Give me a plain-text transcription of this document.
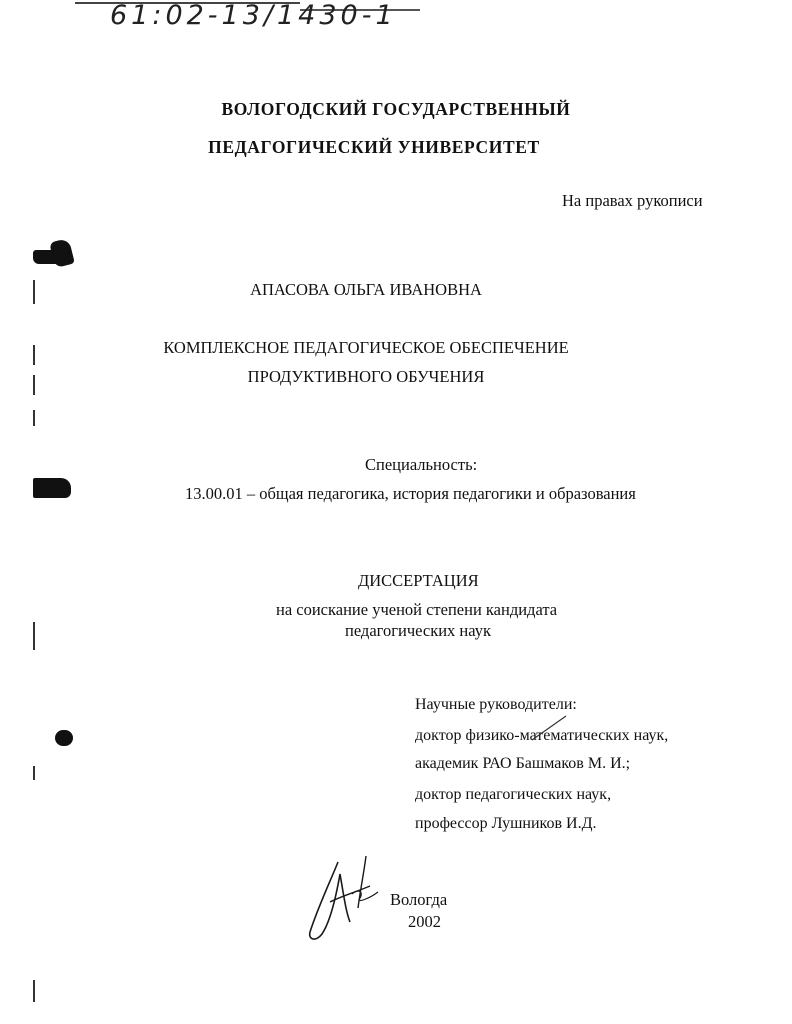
61:02-13/1430-1
ВОЛОГОДСКИЙ ГОСУДАРСТВЕННЫЙ
ПЕДАГОГИЧЕСКИЙ УНИВЕРСИТЕТ
На правах рукописи
АПАСОВА ОЛЬГА ИВАНОВНА
КОМПЛЕКСНОЕ ПЕДАГОГИЧЕСКОЕ ОБЕСПЕЧЕНИЕ
ПРОДУКТИВНОГО ОБУЧЕНИЯ
Специальность:
13.00.01 – общая педагогика, история педагогики и образования
ДИССЕРТАЦИЯ
на соискание ученой степени кандидата
педагогических наук
Научные руководители:
доктор физико-математических наук,
академик РАО Башмаков М. И.;
доктор педагогических наук,
профессор Лушников И.Д.
Вологда
2002
